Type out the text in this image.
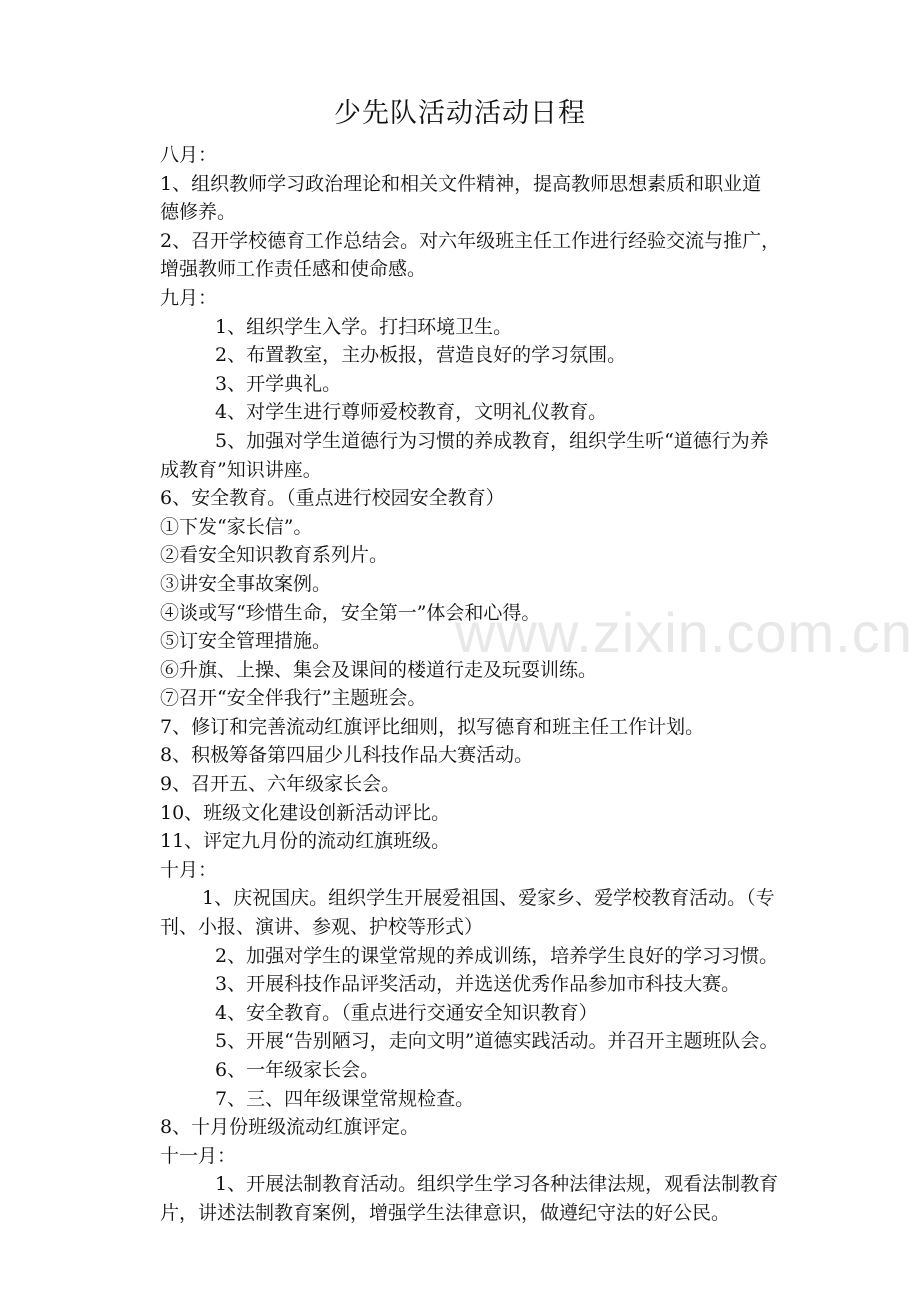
www.zixin.com.cn
少先队活动活动日程
八月：
1、组织教师学习政治理论和相关文件精神，提高教师思想素质和职业道
德修养。
2、召开学校德育工作总结会。对六年级班主任工作进行经验交流与推广，
增强教师工作责任感和使命感。
九月：
1、组织学生入学。打扫环境卫生。
2、布置教室，主办板报，营造良好的学习氛围。
3、开学典礼。
4、对学生进行尊师爱校教育，文明礼仪教育。
5、加强对学生道德行为习惯的养成教育，组织学生听“道德行为养
成教育”知识讲座。
6、安全教育。（重点进行校园安全教育）
①下发“家长信”。
②看安全知识教育系列片。
③讲安全事故案例。
④谈或写“珍惜生命，安全第一”体会和心得。
⑤订安全管理措施。
⑥升旗、上操、集会及课间的楼道行走及玩耍训练。
⑦召开“安全伴我行”主题班会。
7、修订和完善流动红旗评比细则，拟写德育和班主任工作计划。
8、积极筹备第四届少儿科技作品大赛活动。
9、召开五、六年级家长会。
10、班级文化建设创新活动评比。
11、评定九月份的流动红旗班级。
十月：
1、庆祝国庆。组织学生开展爱祖国、爱家乡、爱学校教育活动。（专
刊、小报、演讲、参观、护校等形式）
2、加强对学生的课堂常规的养成训练，培养学生良好的学习习惯。
3、开展科技作品评奖活动，并选送优秀作品参加市科技大赛。
4、安全教育。（重点进行交通安全知识教育）
5、开展“告别陋习，走向文明”道德实践活动。并召开主题班队会。
6、一年级家长会。
7、三、四年级课堂常规检查。
8、十月份班级流动红旗评定。
十一月：
1、开展法制教育活动。组织学生学习各种法律法规，观看法制教育
片，讲述法制教育案例，增强学生法律意识，做遵纪守法的好公民。
